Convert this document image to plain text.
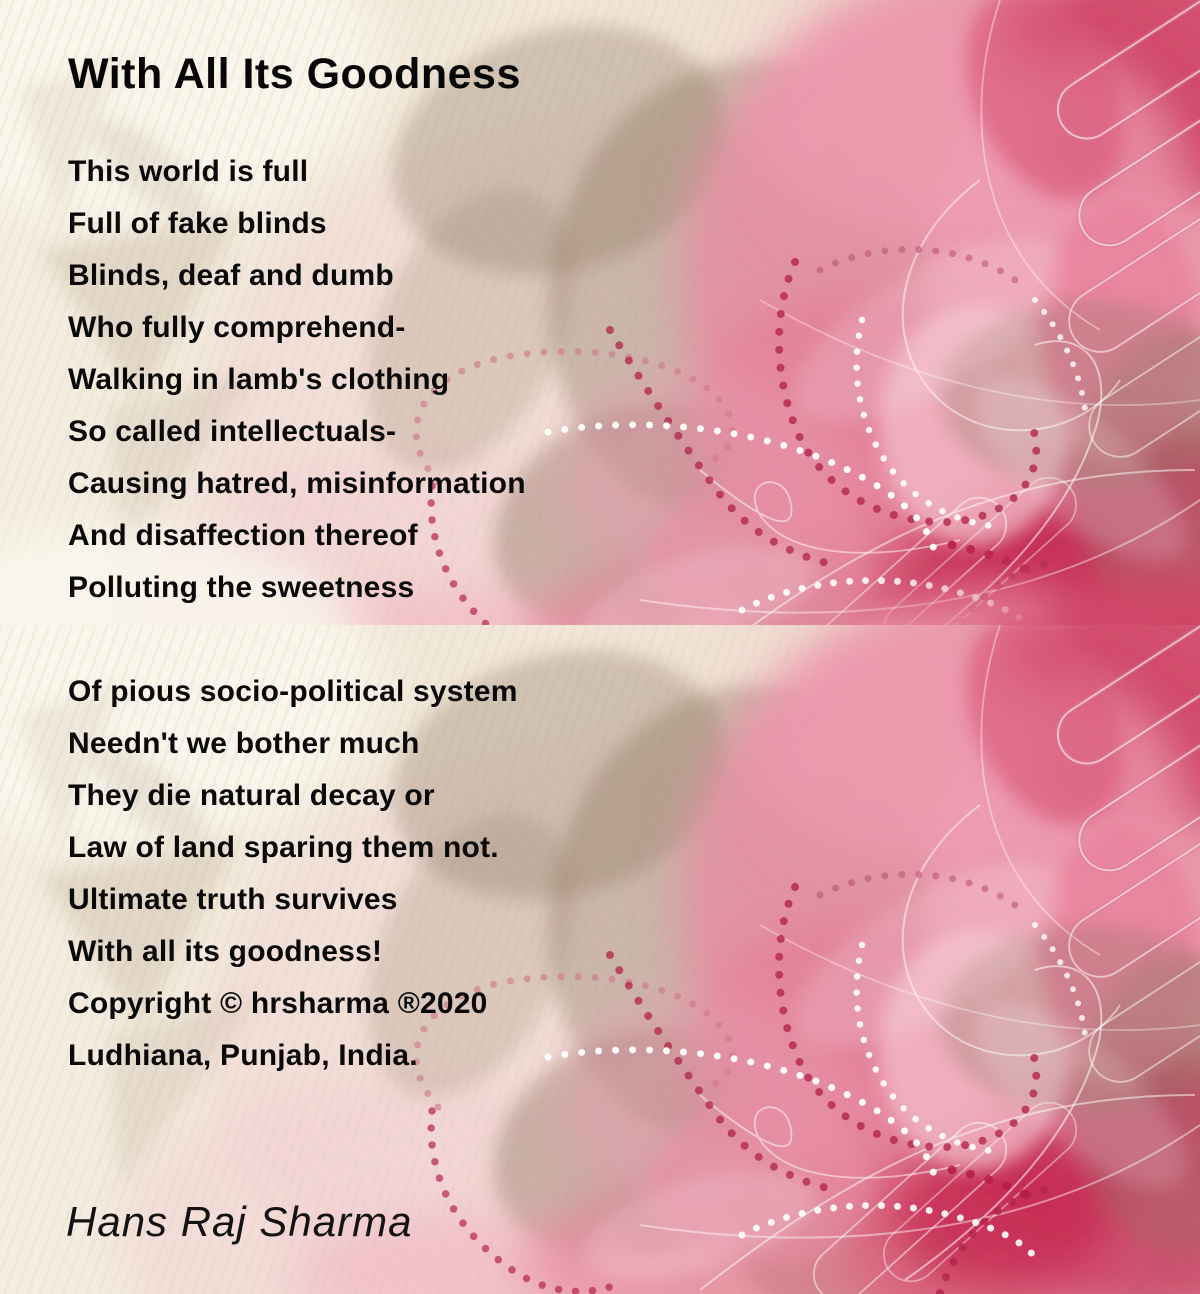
With All Its Goodness

This world is full

Full of fake blinds

Blinds, deaf and dumb

Who fully comprehend-

Walking in lamb's clothing

So called intellectuals-

Causing hatred, misinformation

And disaffection thereof

Polluting the sweetness

Of pious socio-political system

Needn't we bother much

They die natural decay or

Law of land sparing them not.

Ultimate truth survives

With all its goodness!

Copyright © hrsharma ®2020

Ludhiana, Punjab, India.

Hans Raj Sharma
